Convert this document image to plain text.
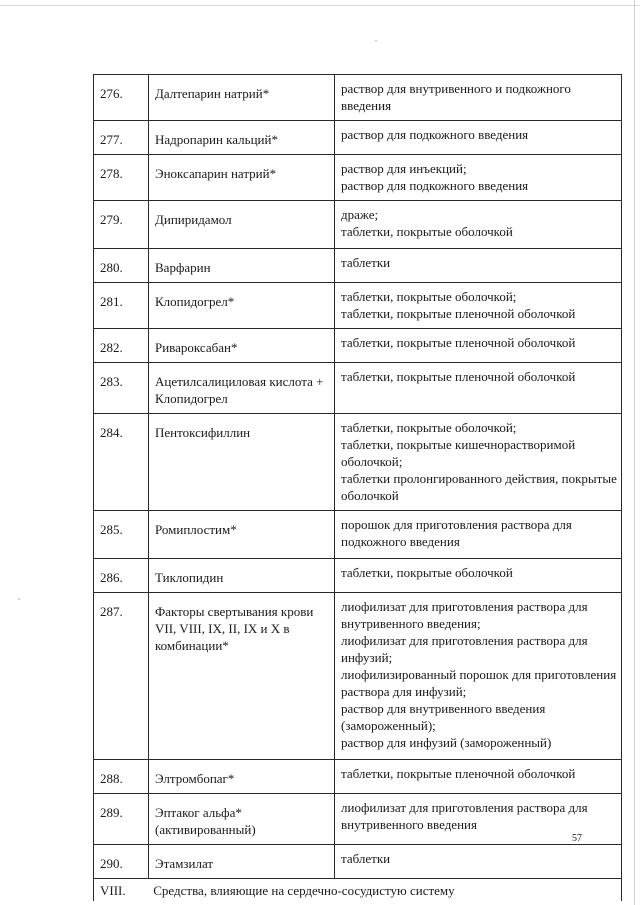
276.	Далтепарин натрий*	раствор для внутривенного и подкожного введения

277.	Надропарин кальций*	раствор для подкожного введения

278.	Эноксапарин натрий*	раствор для инъекций;
раствор для подкожного введения

279.	Дипиридамол	драже;
таблетки, покрытые оболочкой

280.	Варфарин	таблетки

281.	Клопидогрел*	таблетки, покрытые оболочкой;
таблетки, покрытые пленочной оболочкой

282.	Ривароксабан*	таблетки, покрытые пленочной оболочкой

283.	Ацетилсалициловая кислота + Клопидогрел	таблетки, покрытые пленочной оболочкой

284.	Пентоксифиллин	таблетки, покрытые оболочкой;
таблетки, покрытые кишечнорастворимой оболочкой;
таблетки пролонгированного действия, покрытые оболочкой

285.	Ромиплостим*	порошок для приготовления раствора для подкожного введения

286.	Тиклопидин	таблетки, покрытые оболочкой

287.	Факторы свертывания крови VII, VIII, IX, II, IX и X в комбинации*	лиофилизат для приготовления раствора для внутривенного введения;
лиофилизат для приготовления раствора для инфузий;
лиофилизированный порошок для приготовления раствора для инфузий;
раствор для внутривенного введения (замороженный);
раствор для инфузий (замороженный)

288.	Элтромбопаг*	таблетки, покрытые пленочной оболочкой

289.	Эптаког альфа* (активированный)	лиофилизат для приготовления раствора для внутривенного введения

290.	Этамзилат	таблетки

VIII. Средства, влияющие на сердечно-сосудистую систему		
57
